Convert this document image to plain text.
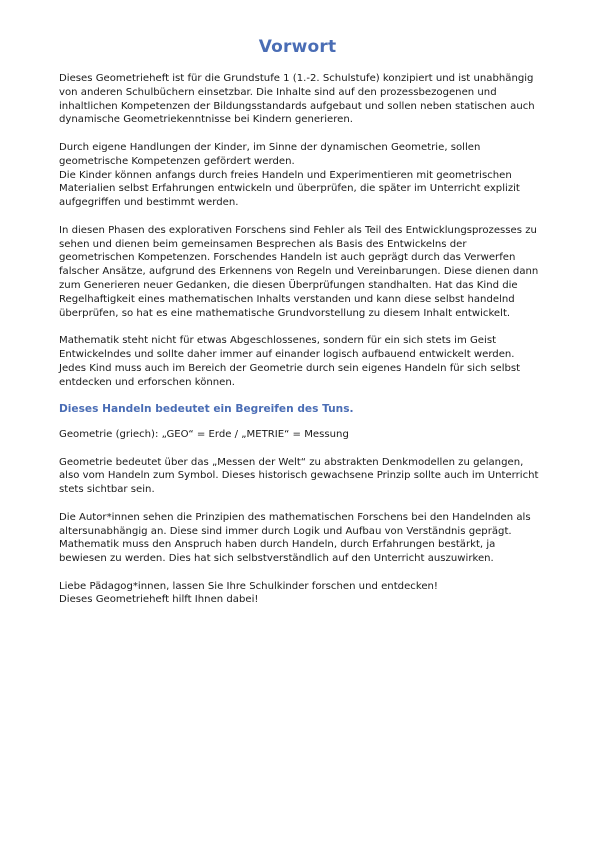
Vorwort

Dieses Geometrieheft ist für die Grundstufe 1 (1.-2. Schulstufe) konzipiert und ist unabhängig von anderen Schulbüchern einsetzbar. Die Inhalte sind auf den prozessbezogenen und inhaltlichen Kompetenzen der Bildungsstandards aufgebaut und sollen neben statischen auch dynamische Geometriekenntnisse bei Kindern generieren.

Durch eigene Handlungen der Kinder, im Sinne der dynamischen Geometrie, sollen geometrische Kompetenzen gefördert werden.

Die Kinder können anfangs durch freies Handeln und Experimentieren mit geometrischen Materialien selbst Erfahrungen entwickeln und überprüfen, die später im Unterricht explizit aufgegriffen und bestimmt werden.

In diesen Phasen des explorativen Forschens sind Fehler als Teil des Entwicklungsprozesses zu sehen und dienen beim gemeinsamen Besprechen als Basis des Entwickelns der geometrischen Kompetenzen. Forschendes Handeln ist auch geprägt durch das Verwerfen falscher Ansätze, aufgrund des Erkennens von Regeln und Vereinbarungen. Diese dienen dann zum Generieren neuer Gedanken, die diesen Überprüfungen standhalten. Hat das Kind die Regelhaftigkeit eines mathematischen Inhalts verstanden und kann diese selbst handelnd überprüfen, so hat es eine mathematische Grundvorstellung zu diesem Inhalt entwickelt.

Mathematik steht nicht für etwas Abgeschlossenes, sondern für ein sich stets im Geist Entwickelndes und sollte daher immer auf einander logisch aufbauend entwickelt werden. Jedes Kind muss auch im Bereich der Geometrie durch sein eigenes Handeln für sich selbst entdecken und erforschen können.

Dieses Handeln bedeutet ein Begreifen des Tuns.

Geometrie (griech): „GEO“ = Erde / „METRIE“ = Messung

Geometrie bedeutet über das „Messen der Welt“ zu abstrakten Denkmodellen zu gelangen, also vom Handeln zum Symbol. Dieses historisch gewachsene Prinzip sollte auch im Unterricht stets sichtbar sein.

Die Autor*innen sehen die Prinzipien des mathematischen Forschens bei den Handelnden als altersunabhängig an. Diese sind immer durch Logik und Aufbau von Verständnis geprägt. Mathematik muss den Anspruch haben durch Handeln, durch Erfahrungen bestärkt, ja bewiesen zu werden. Dies hat sich selbstverständlich auf den Unterricht auszuwirken.

Liebe Pädagog*innen, lassen Sie Ihre Schulkinder forschen und entdecken!

Dieses Geometrieheft hilft Ihnen dabei!
